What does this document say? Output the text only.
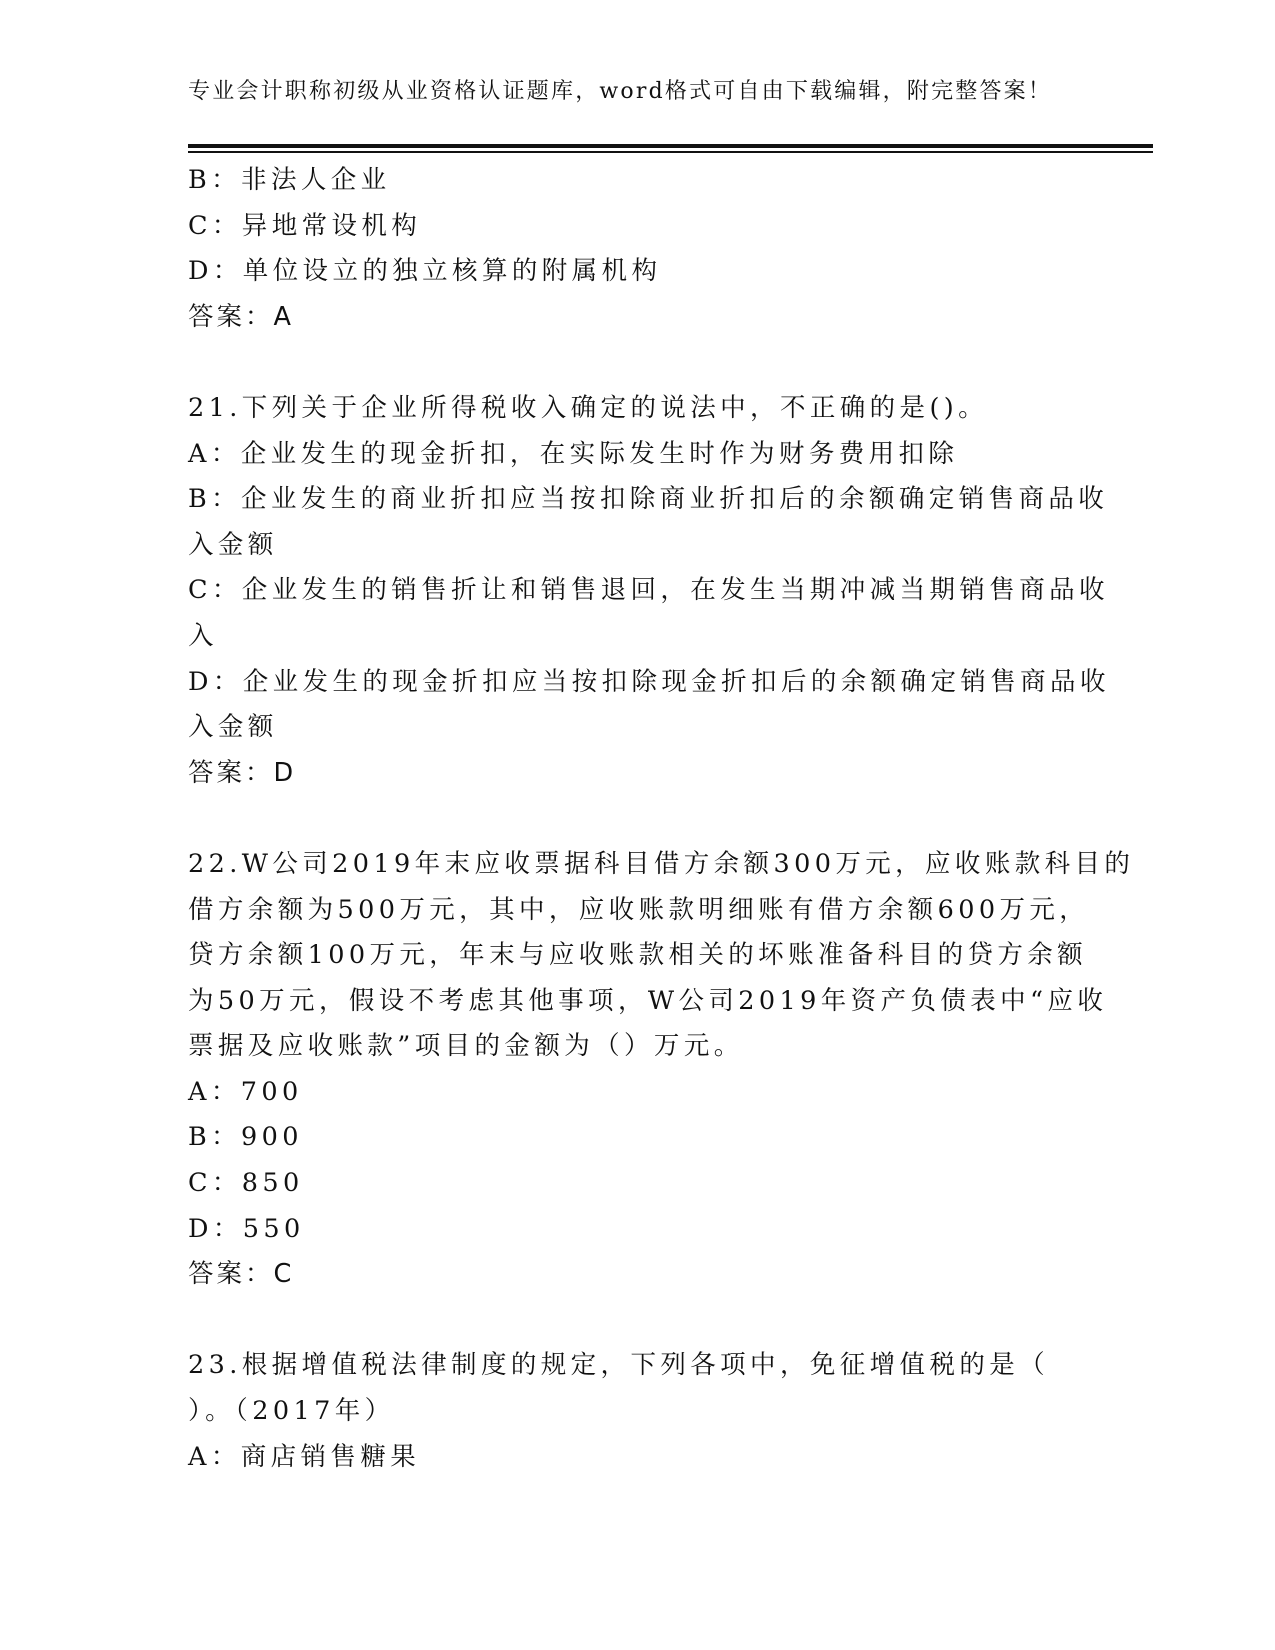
专业会计职称初级从业资格认证题库，word格式可自由下载编辑，附完整答案！
B：非法人企业
C：异地常设机构
D：单位设立的独立核算的附属机构
答案：A
21.下列关于企业所得税收入确定的说法中，不正确的是()。
A：企业发生的现金折扣，在实际发生时作为财务费用扣除
B：企业发生的商业折扣应当按扣除商业折扣后的余额确定销售商品收
入金额
C：企业发生的销售折让和销售退回，在发生当期冲减当期销售商品收
入
D：企业发生的现金折扣应当按扣除现金折扣后的余额确定销售商品收
入金额
答案：D
22.W公司2019年末应收票据科目借方余额300万元，应收账款科目的
借方余额为500万元，其中，应收账款明细账有借方余额600万元，
贷方余额100万元，年末与应收账款相关的坏账准备科目的贷方余额
为50万元，假设不考虑其他事项，W公司2019年资产负债表中“应收
票据及应收账款”项目的金额为（）万元。
A：700
B：900
C：850
D：550
答案：C
23.根据增值税法律制度的规定，下列各项中，免征增值税的是（
）。（2017年）
A：商店销售糖果
